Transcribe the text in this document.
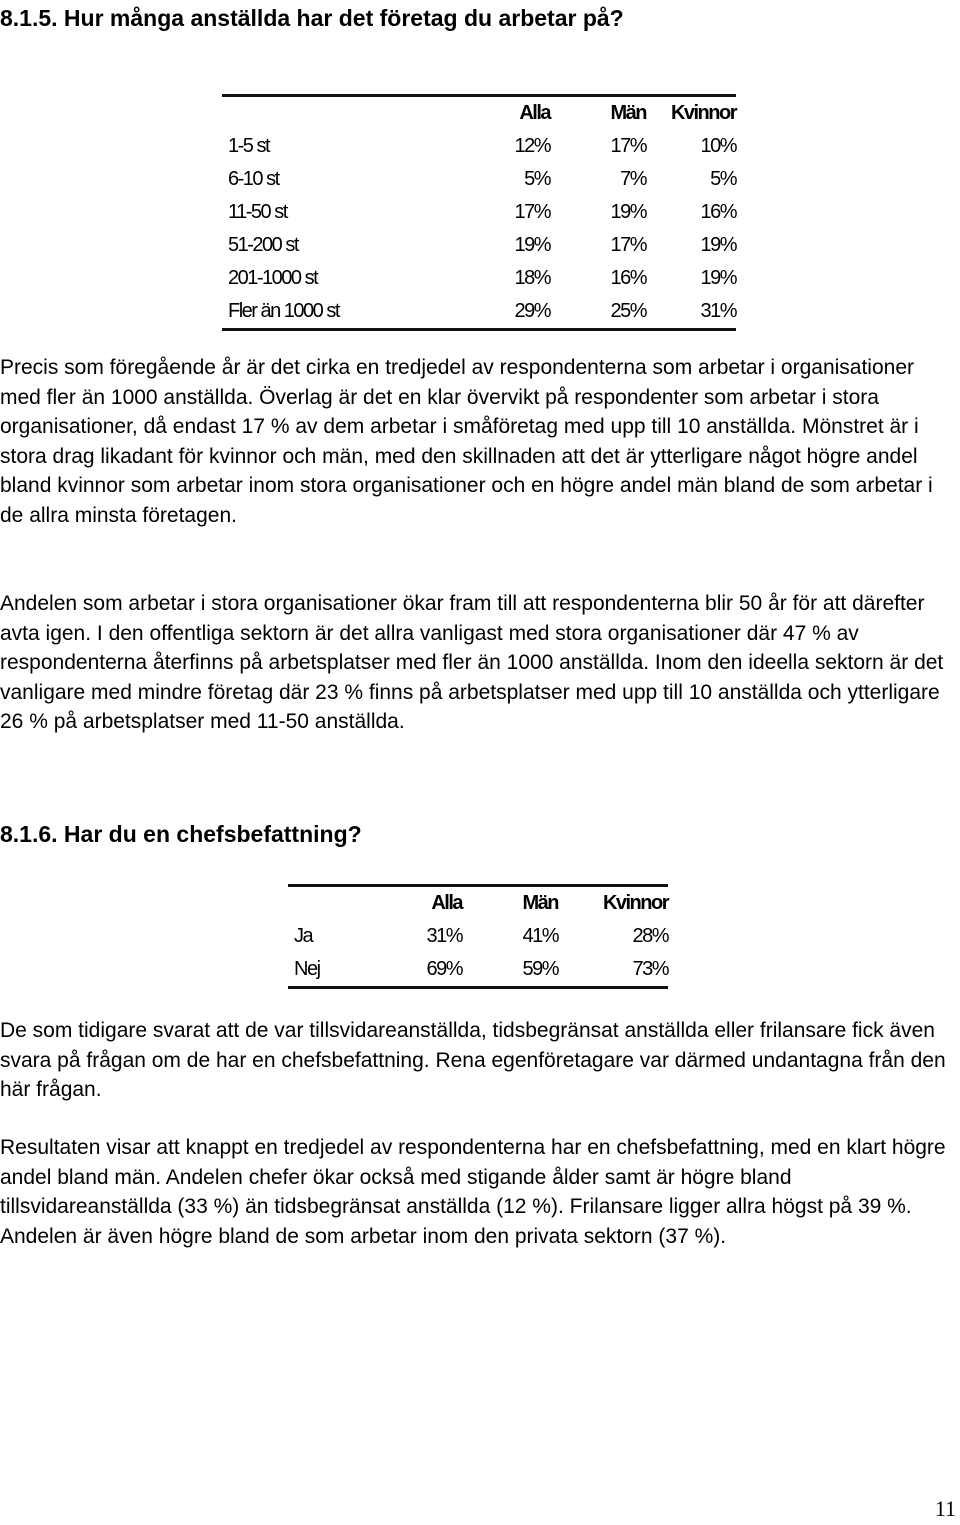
8.1.5. Hur många anställda har det företag du arbetar på?
	Alla	Män	Kvinnor
1-5 st	12%	17%	10%
6-10 st	5%	7%	5%
11-50 st	17%	19%	16%
51-200 st	19%	17%	19%
201-1000 st	18%	16%	19%
Fler än 1000 st	29%	25%	31%

Precis som föregående år är det cirka en tredjedel av respondenterna som arbetar i organisationer med fler än 1000 anställda. Överlag är det en klar övervikt på respondenter som arbetar i stora organisationer, då endast 17 % av dem arbetar i småföretag med upp till 10 anställda. Mönstret är i stora drag likadant för kvinnor och män, med den skillnaden att det är ytterligare något högre andel bland kvinnor som arbetar inom stora organisationer och en högre andel män bland de som arbetar i de allra minsta företagen.

Andelen som arbetar i stora organisationer ökar fram till att respondenterna blir 50 år för att därefter avta igen. I den offentliga sektorn är det allra vanligast med stora organisationer där 47 % av respondenterna återfinns på arbetsplatser med fler än 1000 anställda. Inom den ideella sektorn är det vanligare med mindre företag där 23 % finns på arbetsplatser med upp till 10 anställda och ytterligare 26 % på arbetsplatser med 11-50 anställda.

8.1.6. Har du en chefsbefattning?
	Alla	Män	Kvinnor
Ja	31%	41%	28%
Nej	69%	59%	73%

De som tidigare svarat att de var tillsvidareanställda, tidsbegränsat anställda eller frilansare fick även svara på frågan om de har en chefsbefattning. Rena egenföretagare var därmed undantagna från den här frågan.

Resultaten visar att knappt en tredjedel av respondenterna har en chefsbefattning, med en klart högre andel bland män. Andelen chefer ökar också med stigande ålder samt är högre bland tillsvidareanställda (33 %) än tidsbegränsat anställda (12 %). Frilansare ligger allra högst på 39 %. Andelen är även högre bland de som arbetar inom den privata sektorn (37 %).

11
